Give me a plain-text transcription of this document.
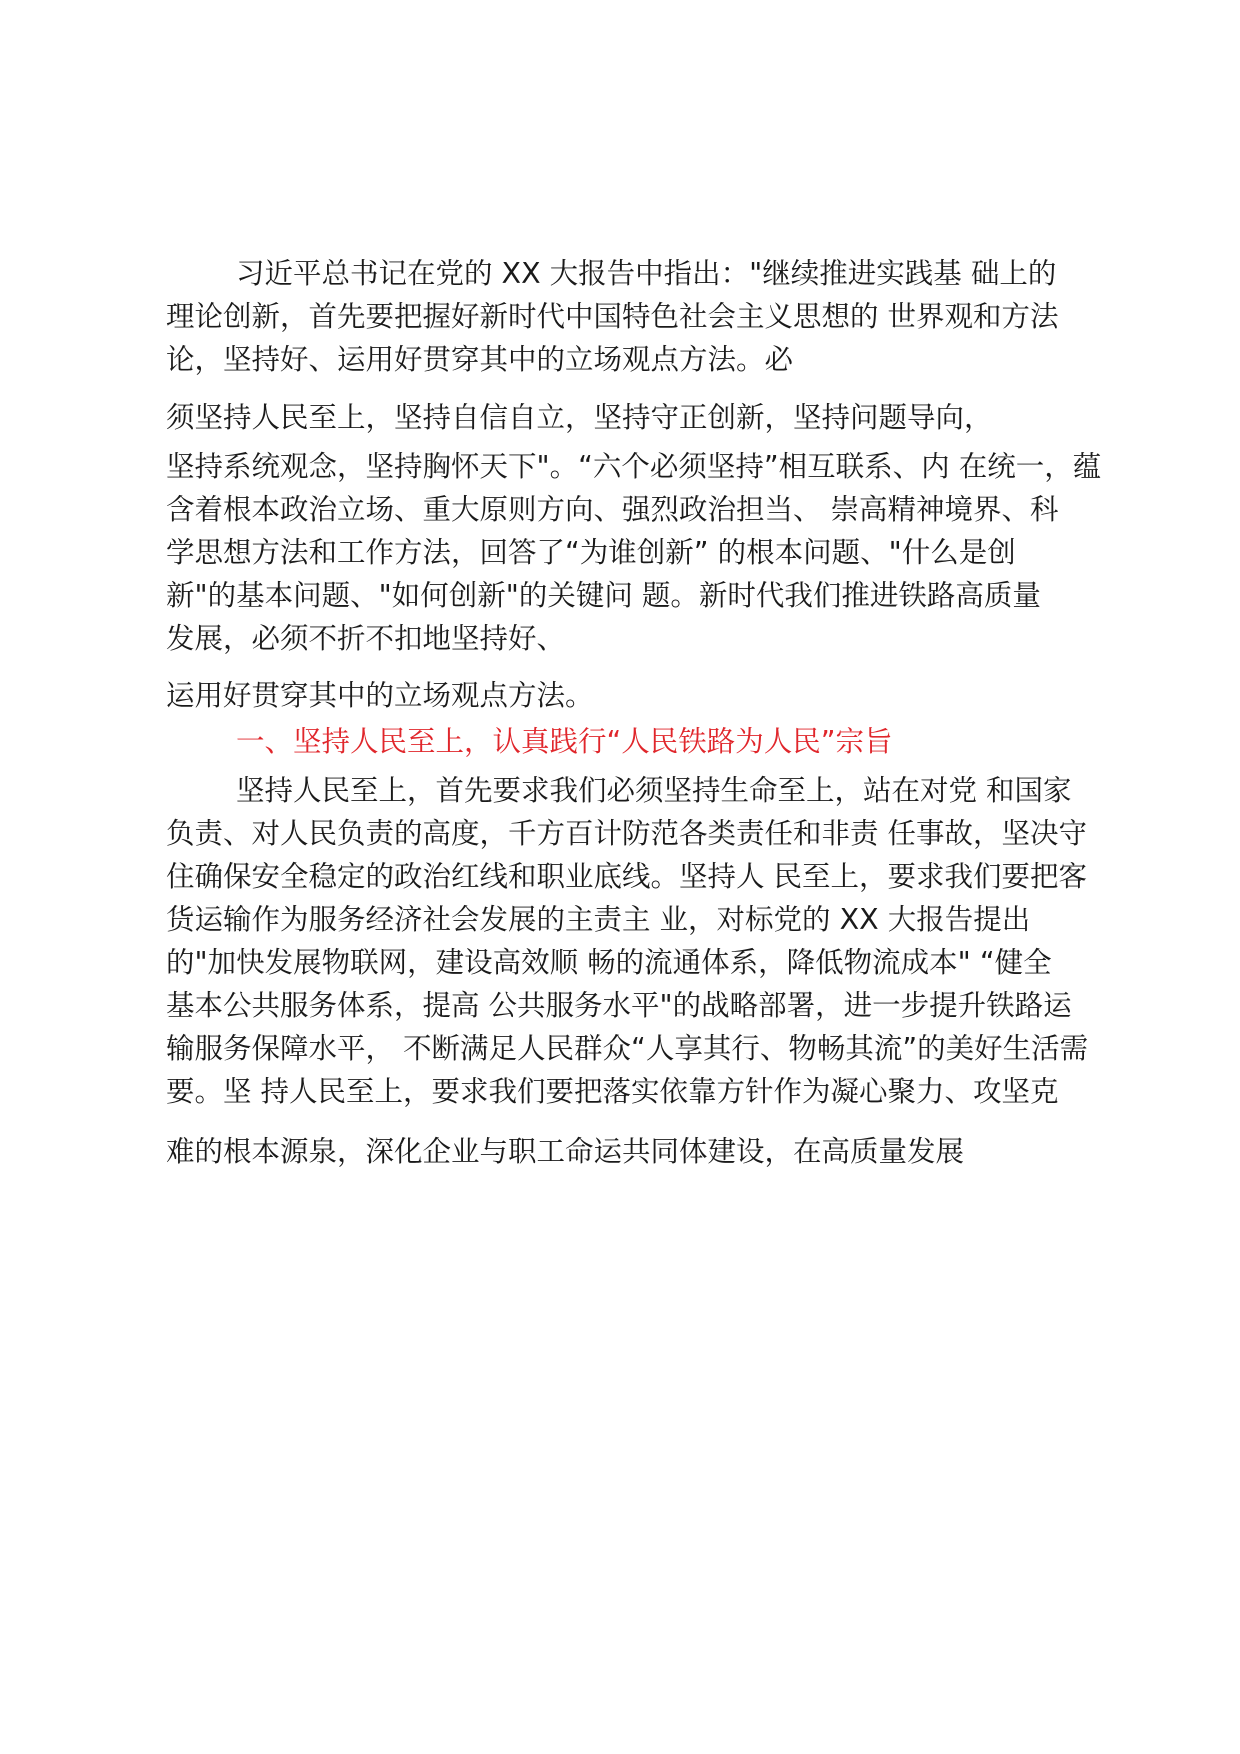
习近平总书记在党的 XX 大报告中指出："继续推进实践基 础上的
理论创新，首先要把握好新时代中国特色社会主义思想的 世界观和方法
论，坚持好、运用好贯穿其中的立场观点方法。必
须坚持人民至上，坚持自信自立，坚持守正创新，坚持问题导向，
坚持系统观念，坚持胸怀天下"。“六个必须坚持”相互联系、内 在统一，蕴
含着根本政治立场、重大原则方向、强烈政治担当、 崇高精神境界、科
学思想方法和工作方法，回答了“为谁创新” 的根本问题、"什么是创
新"的基本问题、"如何创新"的关键问 题。新时代我们推进铁路高质量
发展，必须不折不扣地坚持好、
运用好贯穿其中的立场观点方法。
一、坚持人民至上，认真践行“人民铁路为人民”宗旨
坚持人民至上，首先要求我们必须坚持生命至上，站在对党 和国家
负责、对人民负责的高度，千方百计防范各类责任和非责 任事故，坚决守
住确保安全稳定的政治红线和职业底线。坚持人 民至上，要求我们要把客
货运输作为服务经济社会发展的主责主 业，对标党的 XX 大报告提出
的"加快发展物联网，建设高效顺 畅的流通体系，降低物流成本" “健全
基本公共服务体系，提高 公共服务水平"的战略部署，进一步提升铁路运
输服务保障水平， 不断满足人民群众“人享其行、物畅其流”的美好生活需
要。坚 持人民至上，要求我们要把落实依靠方针作为凝心聚力、攻坚克
难的根本源泉，深化企业与职工命运共同体建设，在高质量发展
